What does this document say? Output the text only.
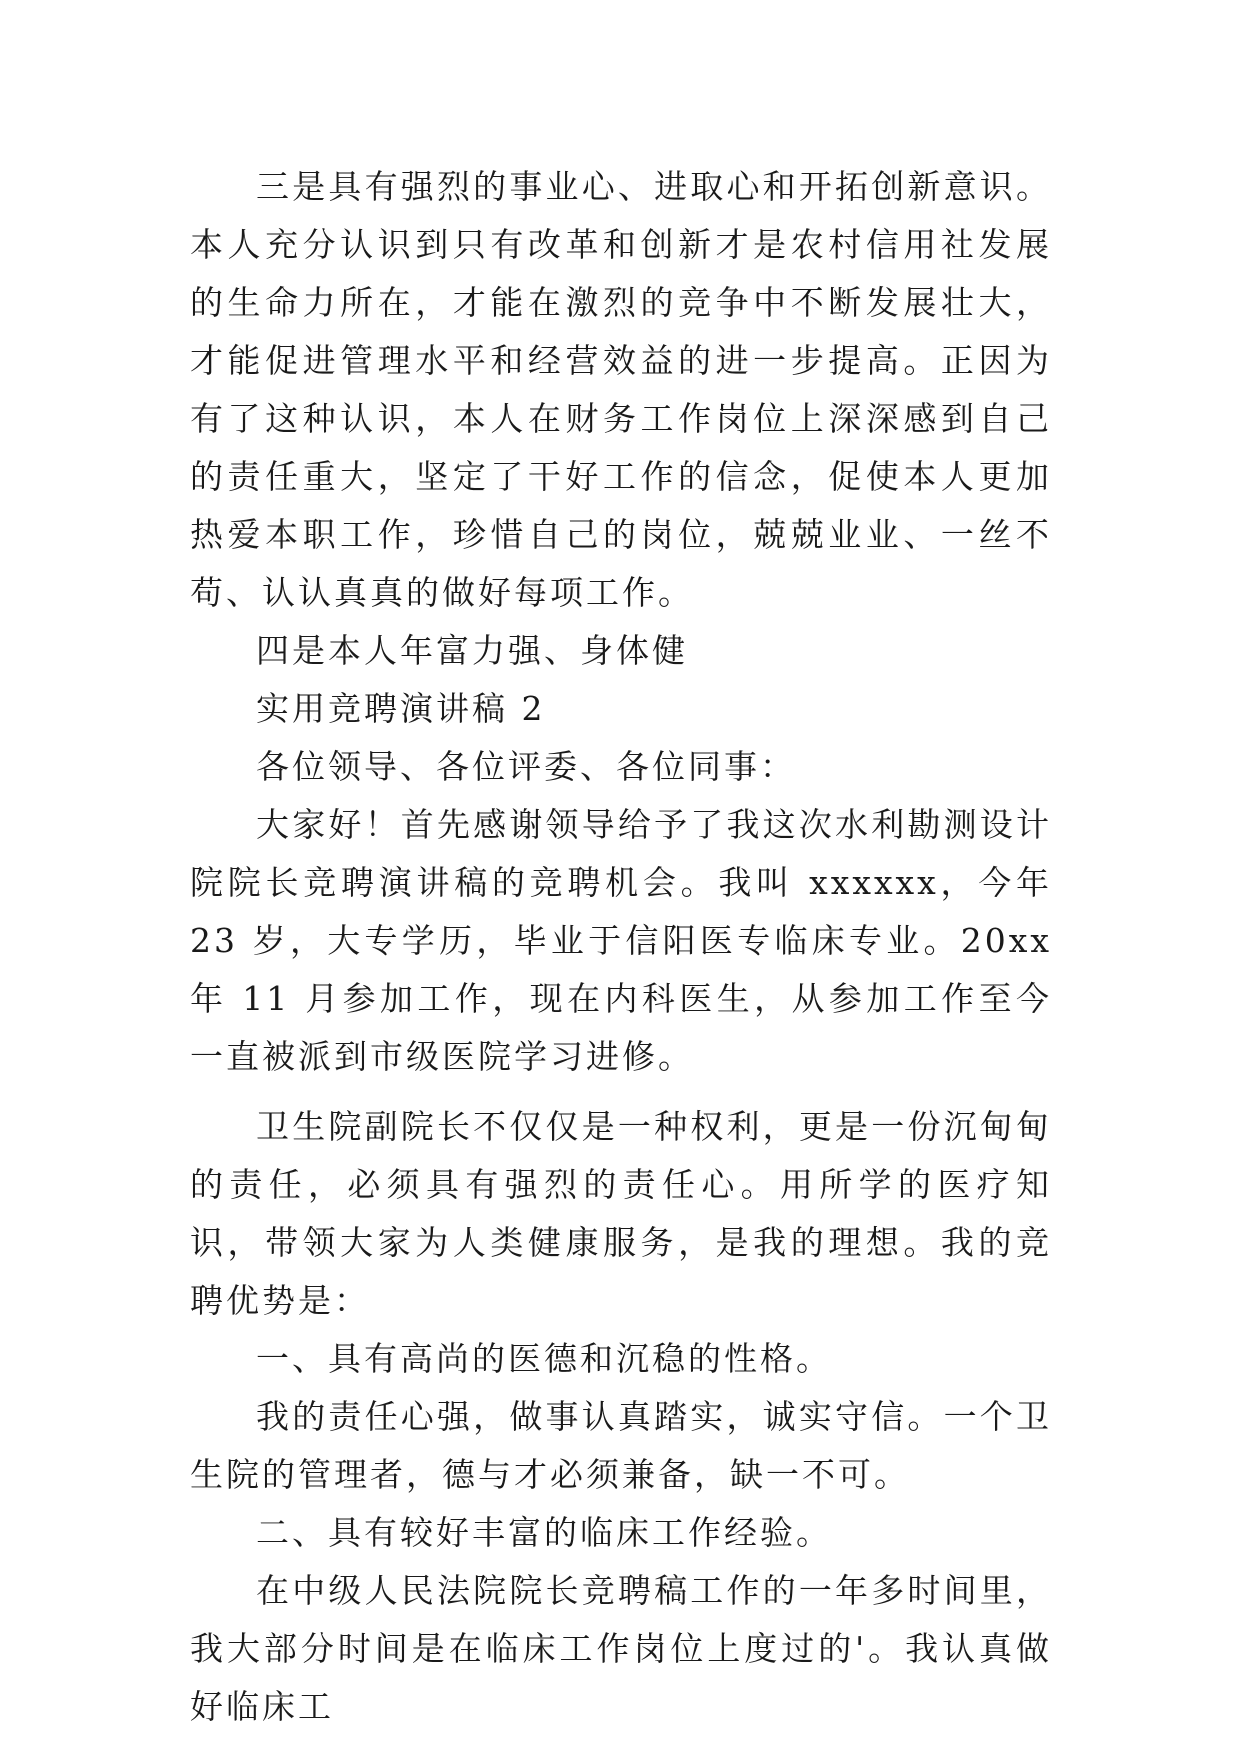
三是具有强烈的事业心、进取心和开拓创新意识。本人充分认识到只有改革和创新才是农村信用社发展的生命力所在，才能在激烈的竞争中不断发展壮大，才能促进管理水平和经营效益的进一步提高。正因为有了这种认识，本人在财务工作岗位上深深感到自己的责任重大，坚定了干好工作的信念，促使本人更加热爱本职工作，珍惜自己的岗位，兢兢业业、一丝不苟、认认真真的做好每项工作。

四是本人年富力强、身体健

实用竞聘演讲稿 2

各位领导、各位评委、各位同事：

大家好！首先感谢领导给予了我这次水利勘测设计院院长竞聘演讲稿的竞聘机会。我叫 xxxxxx，今年 23 岁，大专学历，毕业于信阳医专临床专业。20xx 年 11 月参加工作，现在内科医生，从参加工作至今一直被派到市级医院学习进修。

卫生院副院长不仅仅是一种权利，更是一份沉甸甸的责任，必须具有强烈的责任心。用所学的医疗知识，带领大家为人类健康服务，是我的理想。我的竞聘优势是：

一、具有高尚的医德和沉稳的性格。

我的责任心强，做事认真踏实，诚实守信。一个卫生院的管理者，德与才必须兼备，缺一不可。

二、具有较好丰富的临床工作经验。

在中级人民法院院长竞聘稿工作的一年多时间里，我大部分时间是在临床工作岗位上度过的'。我认真做好临床工
